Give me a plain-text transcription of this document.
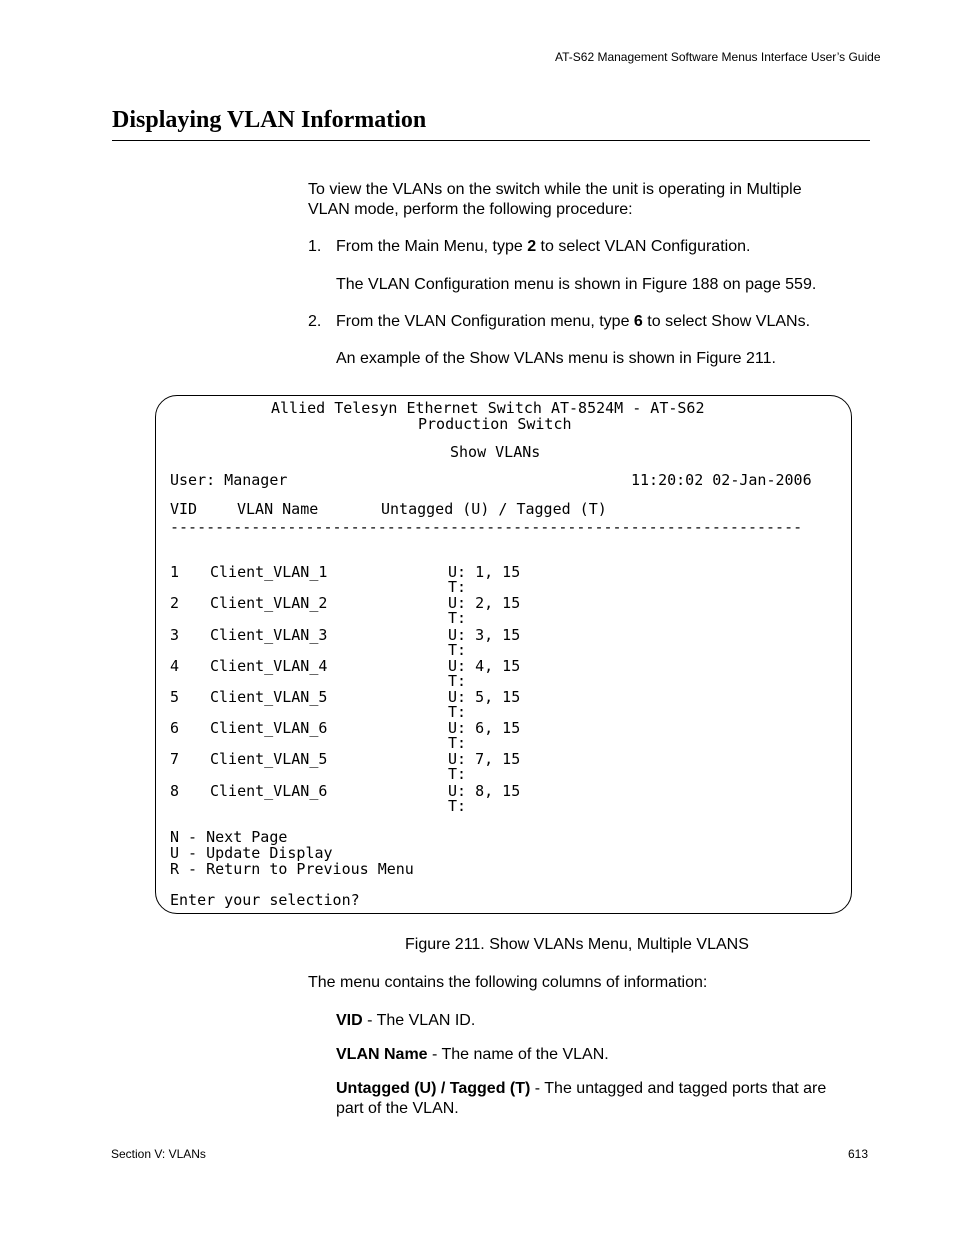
AT-S62 Management Software Menus Interface User’s Guide
Displaying VLAN Information
To view the VLANs on the switch while the unit is operating in Multiple
VLAN mode, perform the following procedure:
1. From the Main Menu, type 2 to select VLAN Configuration.
The VLAN Configuration menu is shown in Figure 188 on page 559.
2. From the VLAN Configuration menu, type 6 to select Show VLANs.
An example of the Show VLANs menu is shown in Figure 211.
Allied Telesyn Ethernet Switch AT-8524M - AT-S62
Production Switch
Show VLANs
User: Manager	11:20:02 02-Jan-2006
VID	VLAN Name	Untagged (U) / Tagged (T)
----------------------------------------------------------------------
1 Client_VLAN_1	U: 1, 15
T:
2 Client_VLAN_2	U: 2, 15
T:
3 Client_VLAN_3	U: 3, 15
T:
4 Client_VLAN_4	U: 4, 15
T:
5 Client_VLAN_5	U: 5, 15
T:
6 Client_VLAN_6	U: 6, 15
T:
7 Client_VLAN_5	U: 7, 15
T:
8 Client_VLAN_6	U: 8, 15
T:
N - Next Page
U - Update Display
R - Return to Previous Menu
Enter your selection?
Figure 211. Show VLANs Menu, Multiple VLANS
The menu contains the following columns of information:
VID - The VLAN ID.
VLAN Name - The name of the VLAN.
Untagged (U) / Tagged (T) - The untagged and tagged ports that are
part of the VLAN.
Section V: VLANs	613
